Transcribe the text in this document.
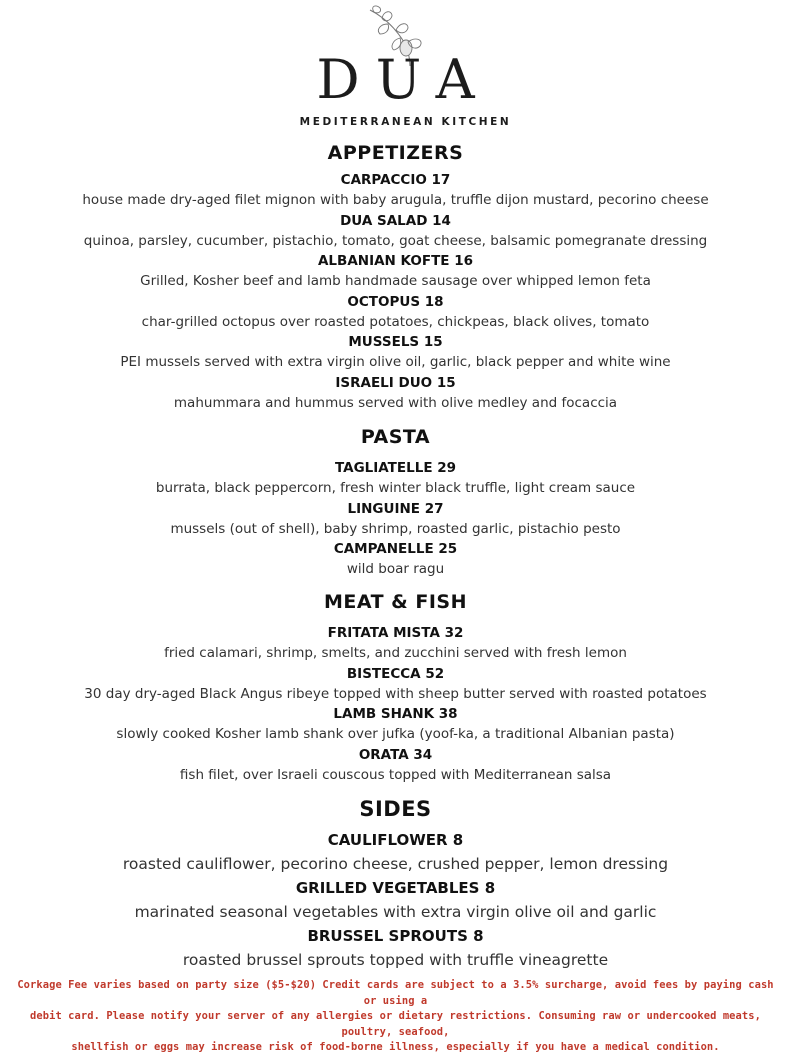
DUA
MEDITERRANEAN KITCHEN
APPETIZERS
CARPACCIO 17
house made dry-aged filet mignon with baby arugula, truffle dijon mustard, pecorino cheese
DUA SALAD 14
quinoa, parsley, cucumber, pistachio, tomato, goat cheese, balsamic pomegranate dressing
ALBANIAN KOFTE 16
Grilled, Kosher beef and lamb handmade sausage over whipped lemon feta
OCTOPUS 18
char-grilled octopus over roasted potatoes, chickpeas, black olives, tomato
MUSSELS 15
PEI mussels served with extra virgin olive oil, garlic, black pepper and white wine
ISRAELI DUO 15
mahummara and hummus served with olive medley and focaccia
PASTA
TAGLIATELLE 29
burrata, black peppercorn, fresh winter black truffle, light cream sauce
LINGUINE 27
mussels (out of shell), baby shrimp, roasted garlic, pistachio pesto
CAMPANELLE 25
wild boar ragu
MEAT & FISH
FRITATA MISTA 32
fried calamari, shrimp, smelts, and zucchini served with fresh lemon
BISTECCA 52
30 day dry-aged Black Angus ribeye topped with sheep butter served with roasted potatoes
LAMB SHANK 38
slowly cooked Kosher lamb shank over jufka (yoof-ka, a traditional Albanian pasta)
ORATA 34
fish filet, over Israeli couscous topped with Mediterranean salsa
SIDES
CAULIFLOWER 8
roasted cauliflower, pecorino cheese, crushed pepper, lemon dressing
GRILLED VEGETABLES 8
marinated seasonal vegetables with extra virgin olive oil and garlic
BRUSSEL SPROUTS 8
roasted brussel sprouts topped with truffle vineagrette
Corkage Fee varies based on party size ($5-$20) Credit cards are subject to a 3.5% surcharge, avoid fees by paying cash or using a
debit card. Please notify your server of any allergies or dietary restrictions. Consuming raw or undercooked meats, poultry, seafood,
shellfish or eggs may increase risk of food-borne illness, especially if you have a medical condition.
